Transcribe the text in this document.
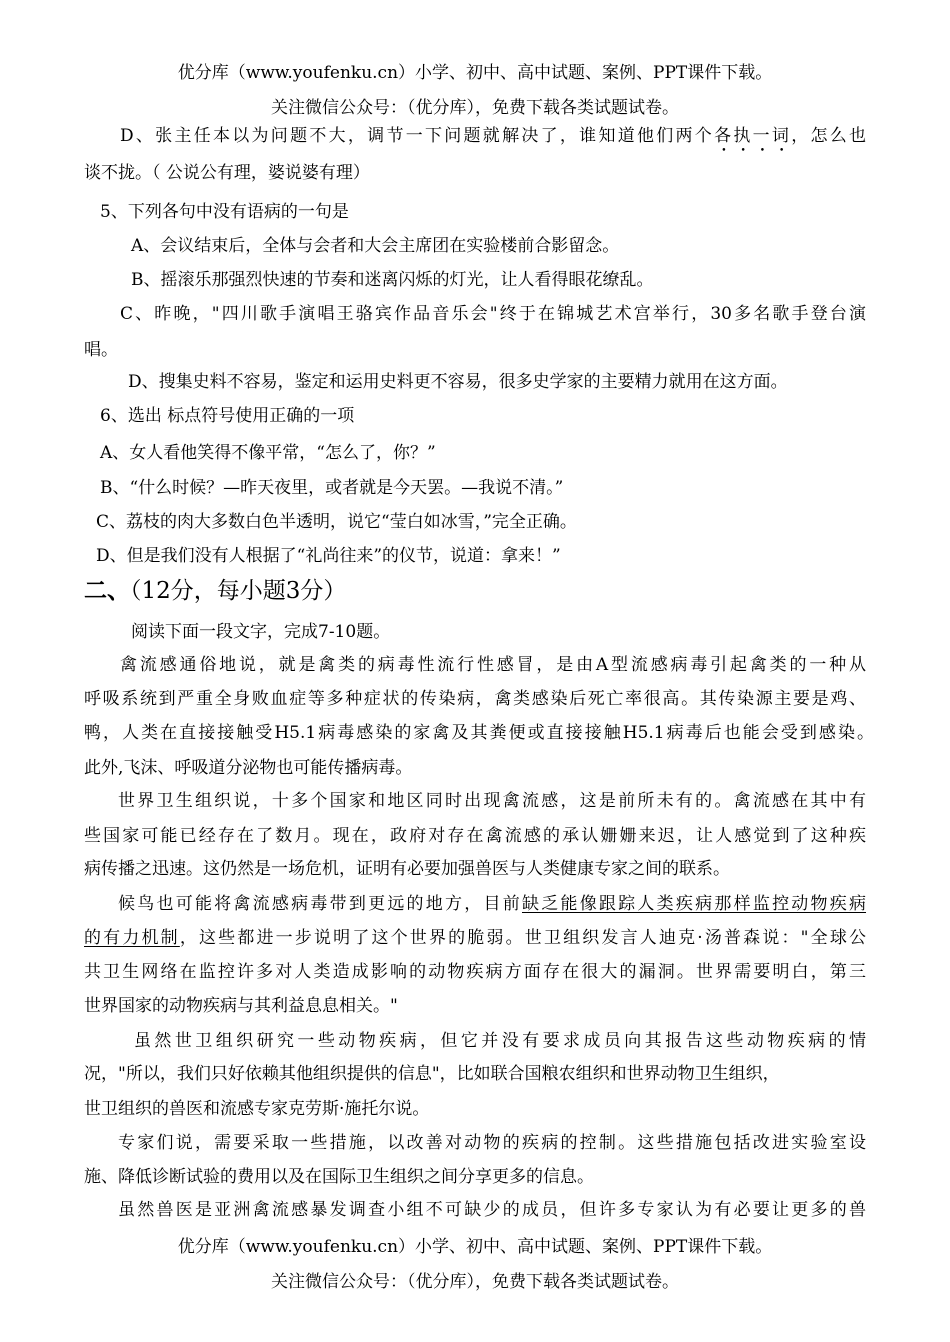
优分库（www.youfenku.cn）小学、初中、高中试题、案例、PPT课件下载。
关注微信公众号：（优分库），免费下载各类试题试卷。
D、张主任本以为问题不大，调节一下问题就解决了，谁知道他们两个各执一词，怎么也
谈不拢。（ 公说公有理，婆说婆有理）
5、下列各句中没有语病的一句是
A、会议结束后，全体与会者和大会主席团在实验楼前合影留念。
B、摇滚乐那强烈快速的节奏和迷离闪烁的灯光，让人看得眼花缭乱。
C、昨晚，"四川歌手演唱王骆宾作品音乐会"终于在锦城艺术宫举行，30多名歌手登台演
唱。
D、搜集史料不容易，鉴定和运用史料更不容易，很多史学家的主要精力就用在这方面。
6、选出 标点符号使用正确的一项
A、女人看他笑得不像平常，“怎么了，你？”
B、“什么时候？—昨天夜里，或者就是今天罢。—我说不清。”
C、荔枝的肉大多数白色半透明，说它“莹白如冰雪，”完全正确。
D、但是我们没有人根据了“礼尚往来”的仪节，说道：拿来！”
二、（12分，每小题3分）
阅读下面一段文字，完成7-10题。
禽流感通俗地说，就是禽类的病毒性流行性感冒，是由A型流感病毒引起禽类的一种从
呼吸系统到严重全身败血症等多种症状的传染病，禽类感染后死亡率很高。其传染源主要是鸡、
鸭，人类在直接接触受H5.1病毒感染的家禽及其粪便或直接接触H5.1病毒后也能会受到感染。
此外,飞沫、呼吸道分泌物也可能传播病毒。
世界卫生组织说，十多个国家和地区同时出现禽流感，这是前所未有的。禽流感在其中有
些国家可能已经存在了数月。现在，政府对存在禽流感的承认姗姗来迟，让人感觉到了这种疾
病传播之迅速。这仍然是一场危机，证明有必要加强兽医与人类健康专家之间的联系。
候鸟也可能将禽流感病毒带到更远的地方，目前缺乏能像跟踪人类疾病那样监控动物疾病
的有力机制，这些都进一步说明了这个世界的脆弱。世卫组织发言人迪克·汤普森说："全球公
共卫生网络在监控许多对人类造成影响的动物疾病方面存在很大的漏洞。世界需要明白，第三
世界国家的动物疾病与其利益息息相关。"
虽然世卫组织研究一些动物疾病，但它并没有要求成员向其报告这些动物疾病的情
况，"所以，我们只好依赖其他组织提供的信息"，比如联合国粮农组织和世界动物卫生组织，
世卫组织的兽医和流感专家克劳斯·施托尔说。
专家们说，需要采取一些措施，以改善对动物的疾病的控制。这些措施包括改进实验室设
施、降低诊断试验的费用以及在国际卫生组织之间分享更多的信息。
虽然兽医是亚洲禽流感暴发调查小组不可缺少的成员，但许多专家认为有必要让更多的兽
优分库（www.youfenku.cn）小学、初中、高中试题、案例、PPT课件下载。
关注微信公众号：（优分库），免费下载各类试题试卷。
